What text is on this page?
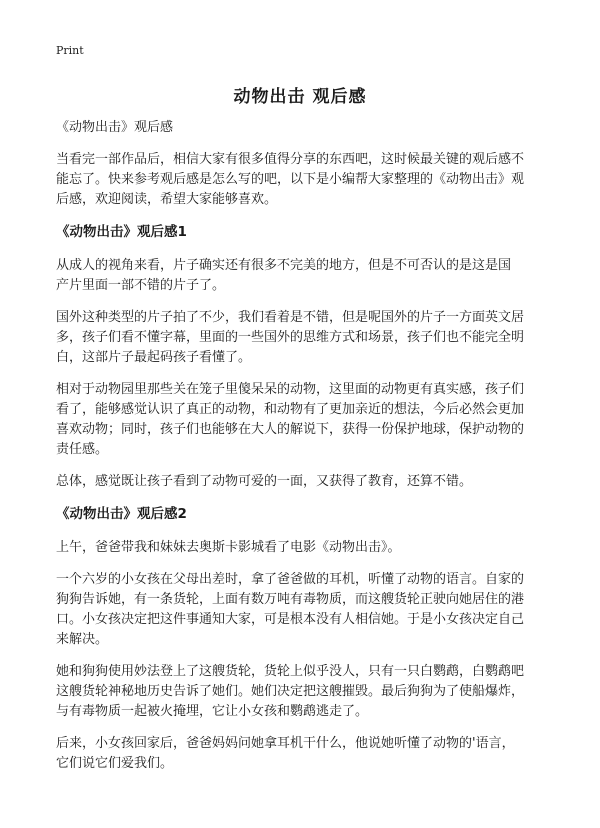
Print
动物出击 观后感

《动物出击》观后感

当看完一部作品后，相信大家有很多值得分享的东西吧，这时候最关键的观后感不

能忘了。快来参考观后感是怎么写的吧，以下是小编帮大家整理的《动物出击》观

后感，欢迎阅读，希望大家能够喜欢。

《动物出击》观后感1

从成人的视角来看，片子确实还有很多不完美的地方，但是不可否认的是这是国

产片里面一部不错的片子了。

国外这种类型的片子拍了不少，我们看着是不错，但是呢国外的片子一方面英文居

多，孩子们看不懂字幕，里面的一些国外的思维方式和场景，孩子们也不能完全明

白，这部片子最起码孩子看懂了。

相对于动物园里那些关在笼子里傻呆呆的动物，这里面的动物更有真实感，孩子们

看了，能够感觉认识了真正的动物，和动物有了更加亲近的想法，今后必然会更加

喜欢动物；同时，孩子们也能够在大人的解说下，获得一份保护地球，保护动物的

责任感。

总体，感觉既让孩子看到了动物可爱的一面，又获得了教育，还算不错。

《动物出击》观后感2

上午，爸爸带我和妹妹去奥斯卡影城看了电影《动物出击》。

一个六岁的小女孩在父母出差时，拿了爸爸做的耳机，听懂了动物的语言。自家的

狗狗告诉她，有一条货轮，上面有数万吨有毒物质，而这艘货轮正驶向她居住的港

口。小女孩决定把这件事通知大家，可是根本没有人相信她。于是小女孩决定自己

来解决。

她和狗狗使用妙法登上了这艘货轮，货轮上似乎没人，只有一只白鹦鹉，白鹦鹉吧

这艘货轮神秘地历史告诉了她们。她们决定把这艘摧毁。最后狗狗为了使船爆炸，

与有毒物质一起被火掩埋，它让小女孩和鹦鹉逃走了。

后来，小女孩回家后，爸爸妈妈问她拿耳机干什么，他说她听懂了动物的'语言，

它们说它们爱我们。
